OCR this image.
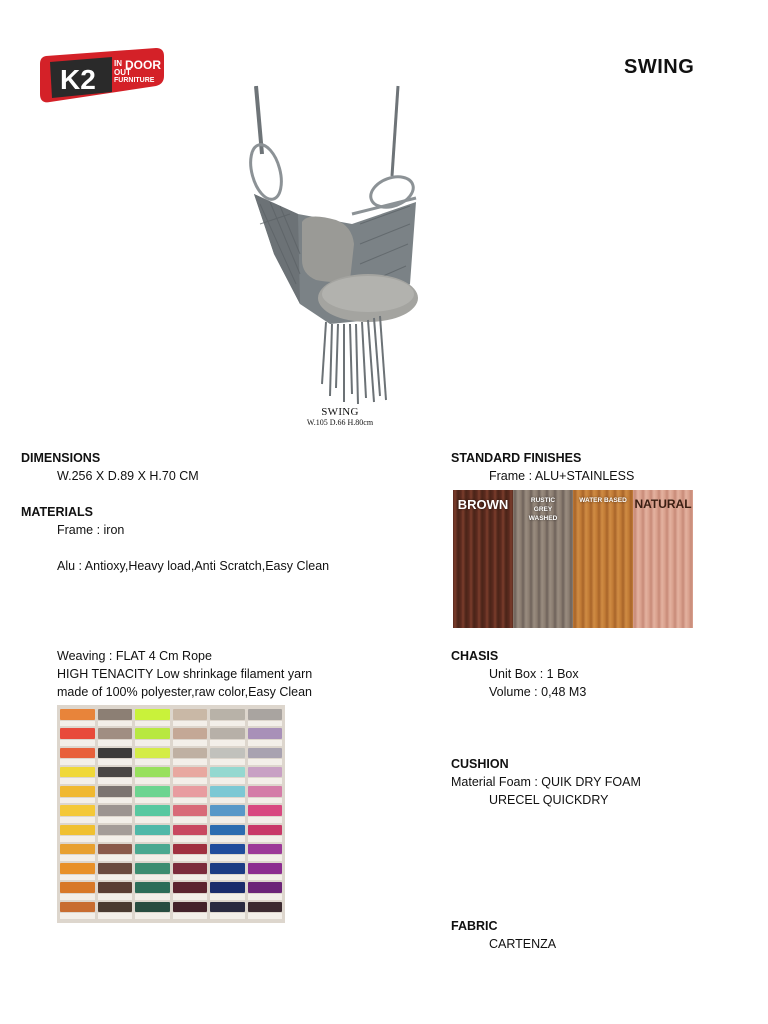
K2
IN DOOR
OUT
FURNITURE
SWING
SWING
W.105 D.66 H.80cm
DIMENSIONS
W.256 X D.89 X H.70 CM
MATERIALS
Frame : iron
Alu : Antioxy,Heavy load,Anti Scratch,Easy Clean
Weaving : FLAT 4 Cm Rope
HIGH TENACITY Low shrinkage filament yarn
made of 100% polyester,raw color,Easy Clean
STANDARD FINISHES
Frame : ALU+STAINLESS
BROWN	RUSTIC GREY WASHED
WATER BASED NATURAL
CHASIS
Unit Box : 1 Box
Volume : 0,48 M3
CUSHION
Material Foam : QUIK DRY FOAM
URECEL QUICKDRY
FABRIC
CARTENZA
